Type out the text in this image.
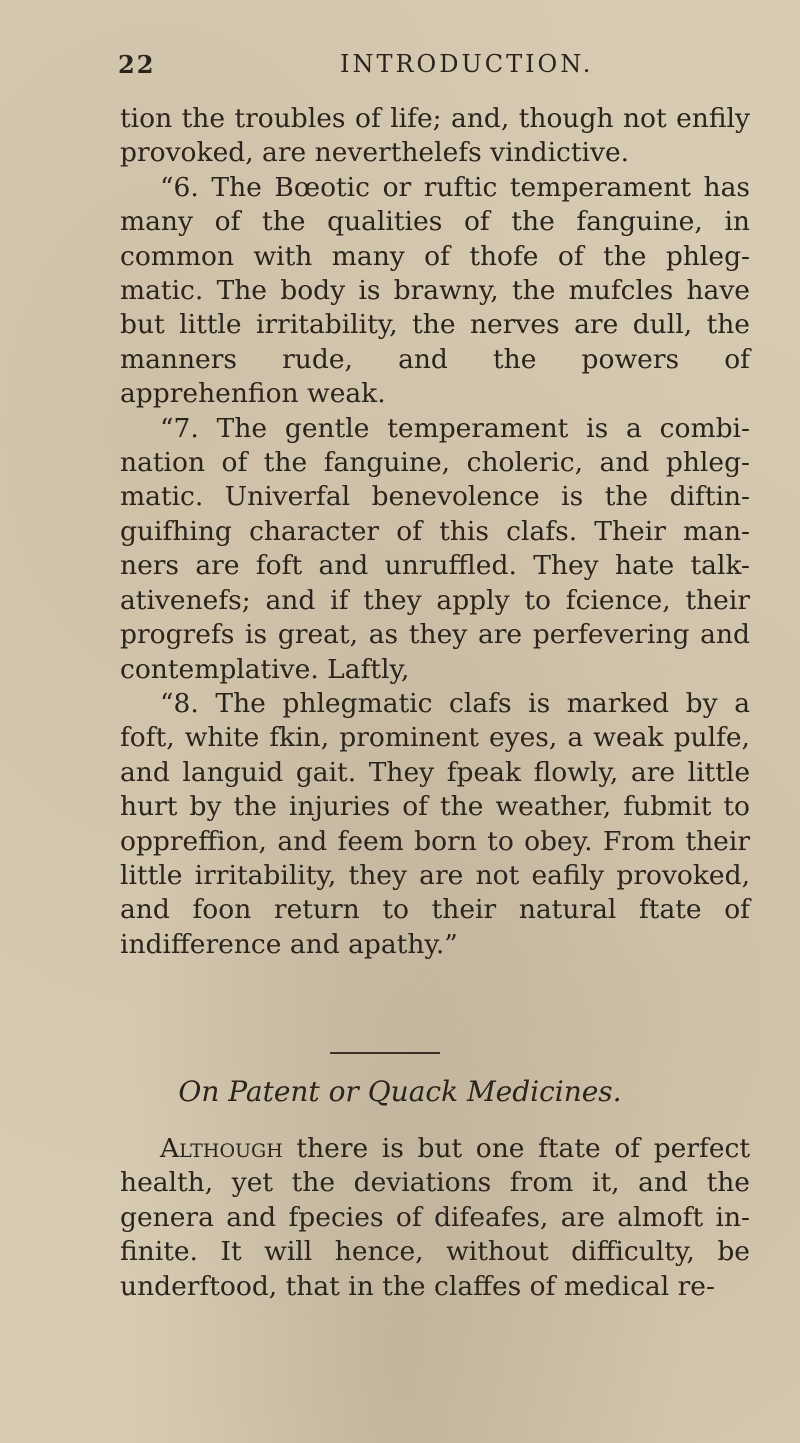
22	INTRODUCTION.

tion the troubles of life; and, though not enfily provoked, are neverthelefs vindictive.

“6. The Bœotic or ruftic temperament has many of the qualities of the fanguine, in common with many of thofe of the phleg-matic. The body is brawny, the mufcles have but little irritability, the nerves are dull, the manners rude, and the powers of apprehenfion weak.

“7. The gentle temperament is a combi-nation of the fanguine, choleric, and phleg-matic. Univerfal benevolence is the diftin-guifhing character of this clafs. Their man-ners are foft and unruffled. They hate talk-ativenefs; and if they apply to fcience, their progrefs is great, as they are perfevering and contemplative. Laftly,

“8. The phlegmatic clafs is marked by a foft, white fkin, prominent eyes, a weak pulfe, and languid gait. They fpeak flowly, are little hurt by the injuries of the weather, fubmit to oppreffion, and feem born to obey. From their little irritability, they are not eafily provoked, and foon return to their natural ftate of indifference and apathy.”

On Patent or Quack Medicines.

Although there is but one ftate of perfect health, yet the deviations from it, and the genera and fpecies of difeafes, are almoft in-finite. It will hence, without difficulty, be underftood, that in the claffes of medical re-
